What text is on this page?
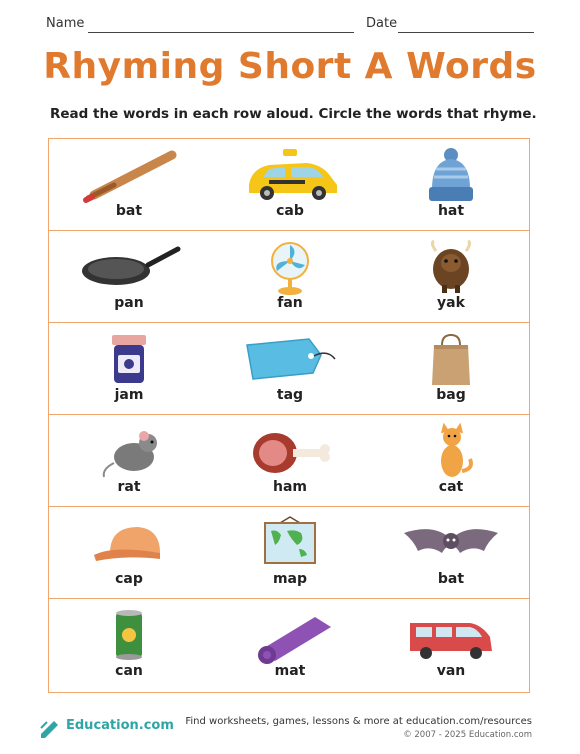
Name	Date
Rhyming Short A Words
Read the words in each row aloud. Circle the words that rhyme.
bat	cab	hat
pan	fan	yak
jam	tag	bag
rat	ham	cat
cap	map	bat
can	mat	van
Education.com Find worksheets, games, lessons & more at education.com/resources
© 2007 - 2025 Education.com
